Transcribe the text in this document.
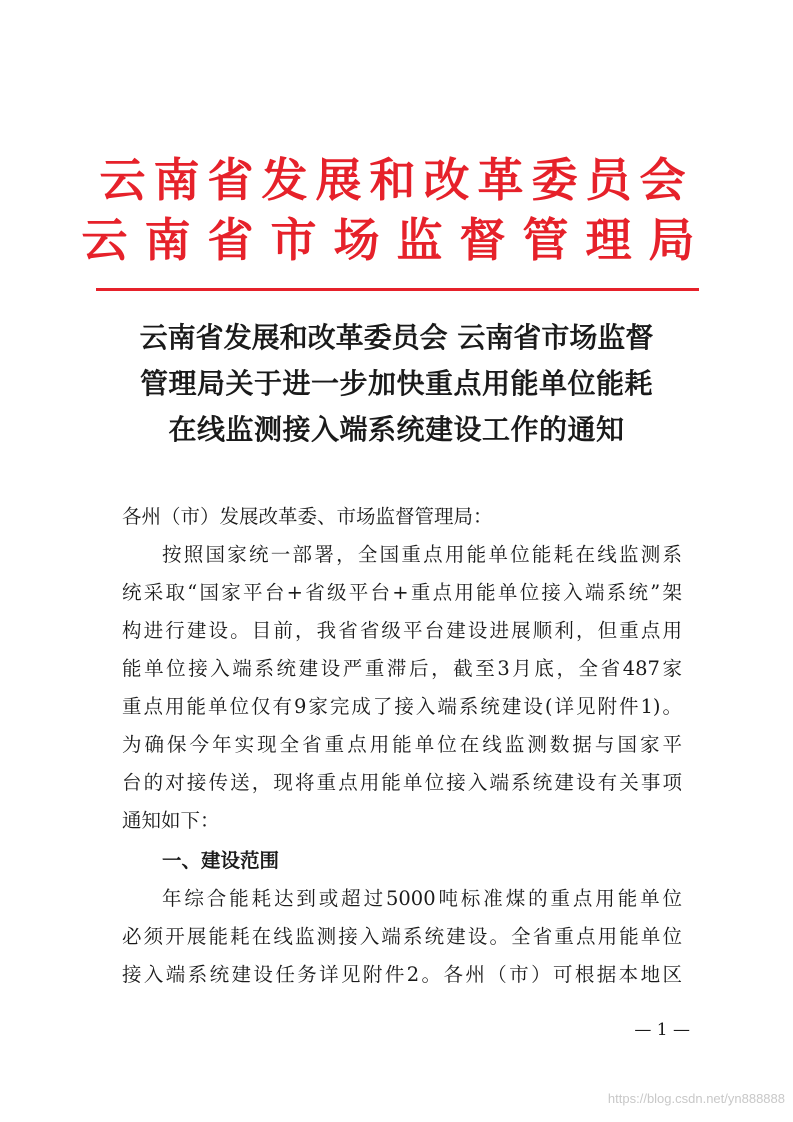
云南省发展和改革委员会
云南省市场监督管理局
云南省发展和改革委员会 云南省市场监督
管理局关于进一步加快重点用能单位能耗
在线监测接入端系统建设工作的通知
各州（市）发展改革委、市场监督管理局：
按照国家统一部署，全国重点用能单位能耗在线监测系
统采取“国家平台+省级平台+重点用能单位接入端系统”架
构进行建设。目前，我省省级平台建设进展顺利，但重点用
能单位接入端系统建设严重滞后，截至3月底，全省487家
重点用能单位仅有9家完成了接入端系统建设(详见附件1)。
为确保今年实现全省重点用能单位在线监测数据与国家平
台的对接传送，现将重点用能单位接入端系统建设有关事项
通知如下：
一、建设范围
年综合能耗达到或超过5000吨标准煤的重点用能单位
必须开展能耗在线监测接入端系统建设。全省重点用能单位
接入端系统建设任务详见附件2。各州（市）可根据本地区
— 1 —
https://blog.csdn.net/yn888888
